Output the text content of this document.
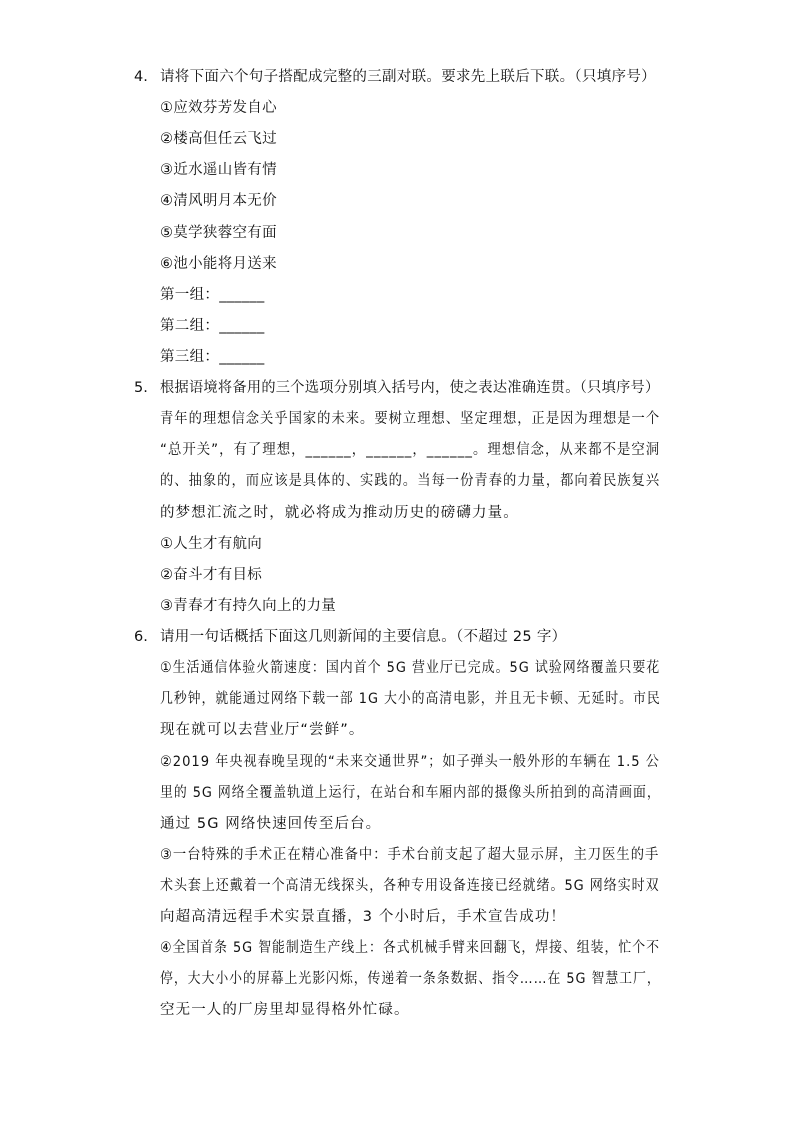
4. 请将下面六个句子搭配成完整的三副对联。要求先上联后下联。（只填序号）
①应效芬芳发自心
②楼高但任云飞过
③近水遥山皆有情
④清风明月本无价
⑤莫学狭蓉空有面
⑥池小能将月送来
第一组：______
第二组：______
第三组：______
5. 根据语境将备用的三个选项分别填入括号内，使之表达准确连贯。（只填序号）
青年的理想信念关乎国家的未来。要树立理想、坚定理想，正是因为理想是一个
“总开关”，有了理想，______，______，______。理想信念，从来都不是空洞
的、抽象的，而应该是具体的、实践的。当每一份青春的力量，都向着民族复兴
的梦想汇流之时，就必将成为推动历史的磅礴力量。
①人生才有航向
②奋斗才有目标
③青春才有持久向上的力量
6. 请用一句话概括下面这几则新闻的主要信息。（不超过 25 字）
①生活通信体验火箭速度：国内首个 5G 营业厅已完成。5G 试验网络覆盖只要花
几秒钟，就能通过网络下载一部 1G 大小的高清电影，并且无卡顿、无延时。市民
现在就可以去营业厅“尝鲜”。
②2019 年央视春晚呈现的“未来交通世界”；如子弹头一般外形的车辆在 1.5 公
里的 5G 网络全覆盖轨道上运行，在站台和车厢内部的摄像头所拍到的高清画面，
通过 5G 网络快速回传至后台。
③一台特殊的手术正在精心准备中：手术台前支起了超大显示屏，主刀医生的手
术头套上还戴着一个高清无线探头，各种专用设备连接已经就绪。5G 网络实时双
向超高清远程手术实景直播，3 个小时后，手术宣告成功！
④全国首条 5G 智能制造生产线上：各式机械手臂来回翻飞，焊接、组装，忙个不
停，大大小小的屏幕上光影闪烁，传递着一条条数据、指令……在 5G 智慧工厂，
空无一人的厂房里却显得格外忙碌。
